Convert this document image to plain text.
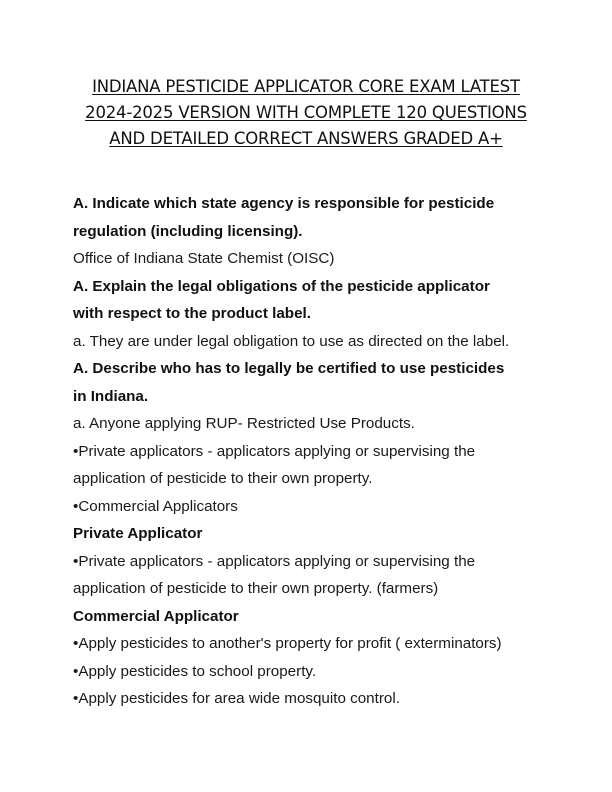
INDIANA PESTICIDE APPLICATOR CORE EXAM LATEST
2024-2025 VERSION WITH COMPLETE 120 QUESTIONS
AND DETAILED CORRECT ANSWERS GRADED A+
A. Indicate which state agency is responsible for pesticide
regulation (including licensing).
Office of Indiana State Chemist (OISC)
A. Explain the legal obligations of the pesticide applicator
with respect to the product label.
a. They are under legal obligation to use as directed on the label.
A. Describe who has to legally be certified to use pesticides
in Indiana.
a. Anyone applying RUP- Restricted Use Products.
•Private applicators - applicators applying or supervising the
application of pesticide to their own property.
•Commercial Applicators
Private Applicator
•Private applicators - applicators applying or supervising the
application of pesticide to their own property. (farmers)
Commercial Applicator
•Apply pesticides to another's property for profit ( exterminators)
•Apply pesticides to school property.
•Apply pesticides for area wide mosquito control.
